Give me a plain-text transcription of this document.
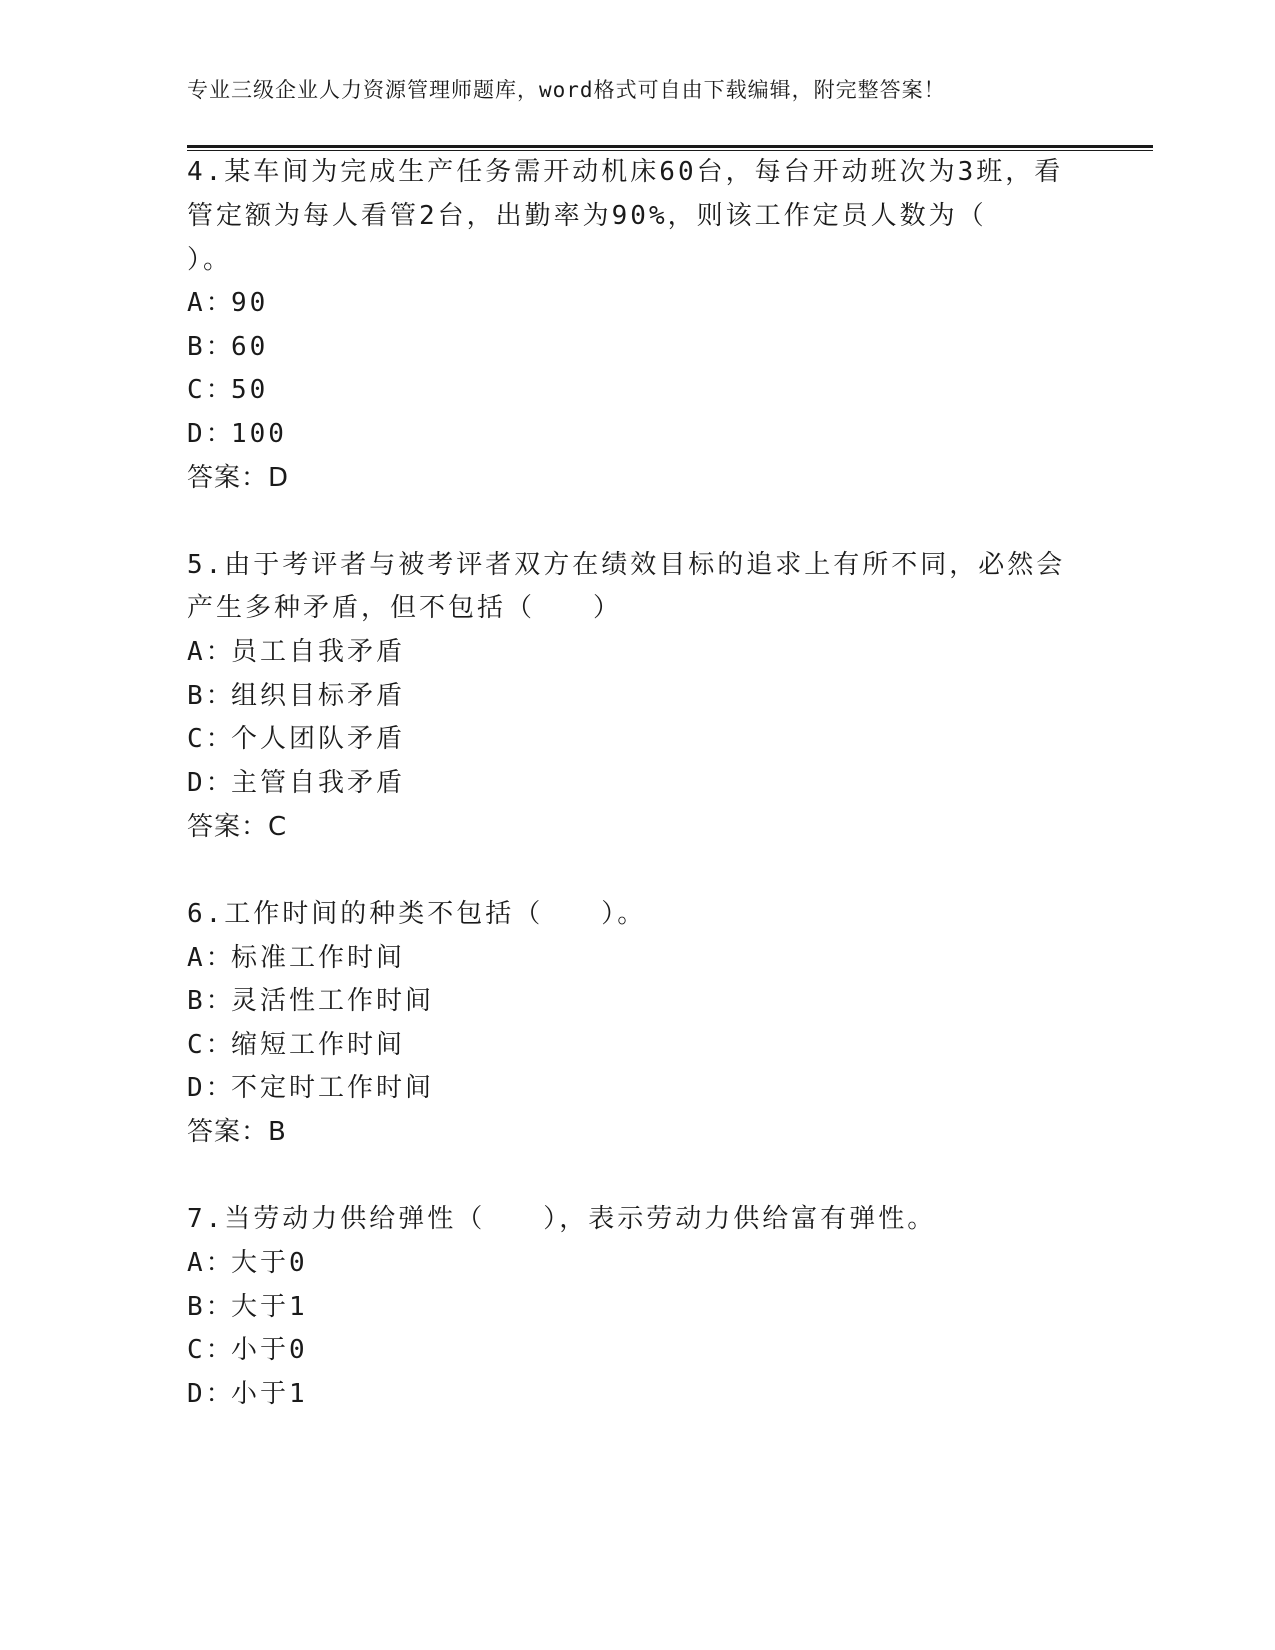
专业三级企业人力资源管理师题库，word格式可自由下载编辑，附完整答案！
4.某车间为完成生产任务需开动机床60台，每台开动班次为3班，看
管定额为每人看管2台，出勤率为90%，则该工作定员人数为（
）。
A：90
B：60
C：50
D：100
答案：D
5.由于考评者与被考评者双方在绩效目标的追求上有所不同，必然会
产生多种矛盾，但不包括（　　）
A：员工自我矛盾
B：组织目标矛盾
C：个人团队矛盾
D：主管自我矛盾
答案：C
6.工作时间的种类不包括（　　）。
A：标准工作时间
B：灵活性工作时间
C：缩短工作时间
D：不定时工作时间
答案：B
7.当劳动力供给弹性（　　），表示劳动力供给富有弹性。
A：大于0
B：大于1
C：小于0
D：小于1
